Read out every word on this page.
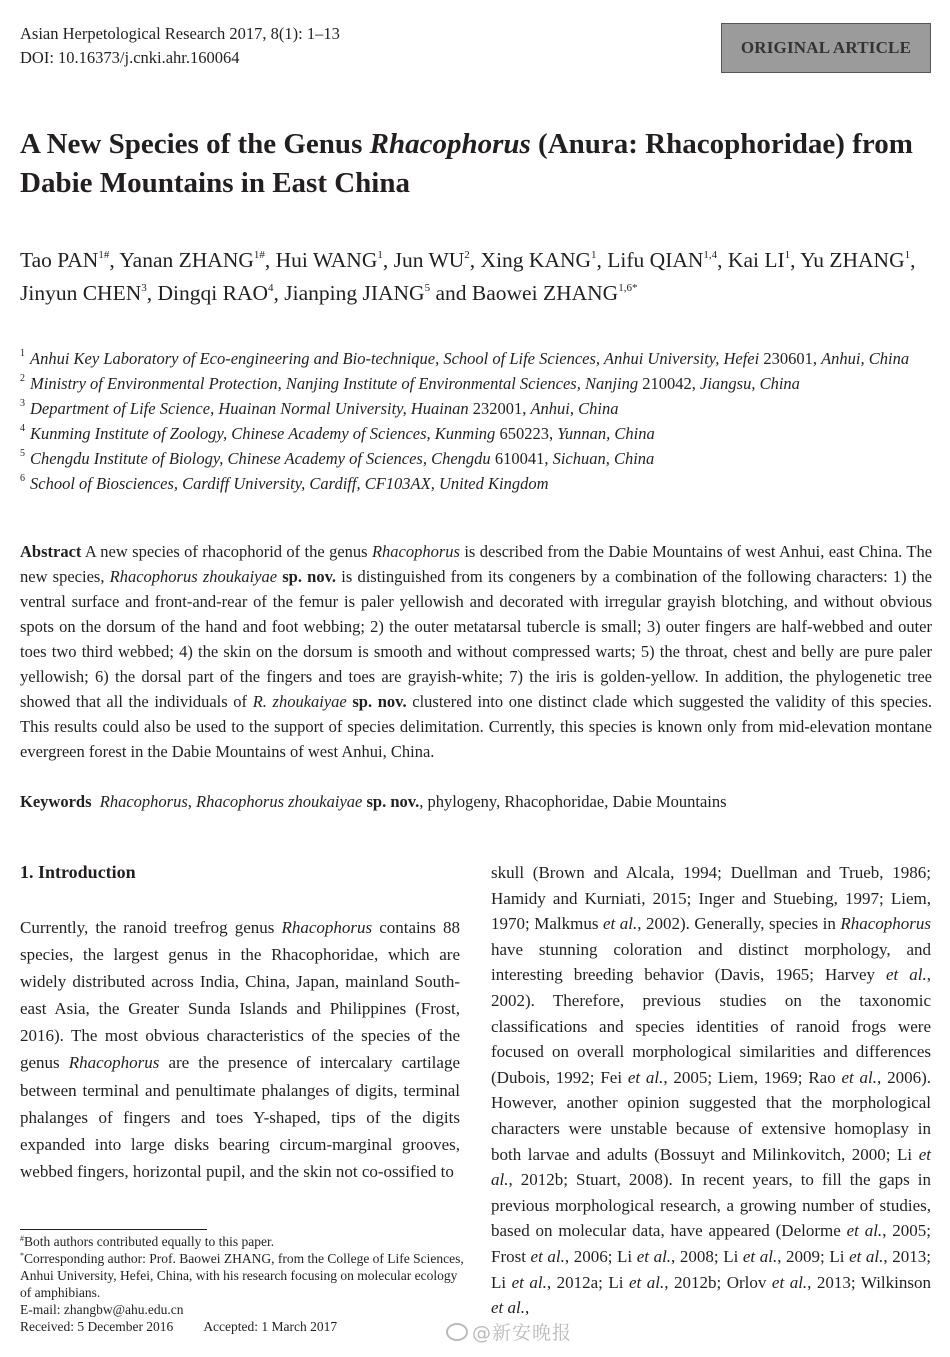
Asian Herpetological Research 2017, 8(1): 1–13
DOI: 10.16373/j.cnki.ahr.160064
ORIGINAL ARTICLE
A New Species of the Genus Rhacophorus (Anura: Rhacophoridae) from Dabie Mountains in East China
Tao $PAN^{1\#}$, Yanan $ZHANG^{1\#}$, Hui WANG$^1$, Jun $WU^2$, Xing KANG$^1$, Lifu QIAN$^{1,4}$, Kai $LI^1$, Yu ZHANG$^1$, Jinyun CHEN$^3$, Dingqi RAO$^4$, Jianping JIANG$^5$ and Baowei $ZHANG^{1,6*}$
1 Anhui Key Laboratory of Eco-engineering and Bio-technique, School of Life Sciences, Anhui University, Hefei 230601, Anhui, China
2 Ministry of Environmental Protection, Nanjing Institute of Environmental Sciences, Nanjing 210042, Jiangsu, China
3 Department of Life Science, Huainan Normal University, Huainan 232001, Anhui, China
4 Kunming Institute of Zoology, Chinese Academy of Sciences, Kunming 650223, Yunnan, China
5 Chengdu Institute of Biology, Chinese Academy of Sciences, Chengdu 610041, Sichuan, China
6 School of Biosciences, Cardiff University, Cardiff, CF103AX, United Kingdom
Abstract A new species of rhacophorid of the genus Rhacophorus is described from the Dabie Mountains of west Anhui, east China. The new species, Rhacophorus zhoukaiyae sp. nov. is distinguished from its congeners by a combination of the following characters: 1) the ventral surface and front-and-rear of the femur is paler yellowish and decorated with irregular grayish blotching, and without obvious spots on the dorsum of the hand and foot webbing; 2) the outer metatarsal tubercle is small; 3) outer fingers are half-webbed and outer toes two third webbed; 4) the skin on the dorsum is smooth and without compressed warts; 5) the throat, chest and belly are pure paler yellowish; 6) the dorsal part of the fingers and toes are grayish-white; 7) the iris is golden-yellow. In addition, the phylogenetic tree showed that all the individuals of R. zhoukaiyae sp. nov. clustered into one distinct clade which suggested the validity of this species. This results could also be used to the support of species delimitation. Currently, this species is known only from mid-elevation montane evergreen forest in the Dabie Mountains of west Anhui, China.
Keywords Rhacophorus, Rhacophorus zhoukaiyae sp. nov., phylogeny, Rhacophoridae, Dabie Mountains
1. Introduction
Currently, the ranoid treefrog genus Rhacophorus contains 88 species, the largest genus in the Rhacophoridae, which are widely distributed across India, China, Japan, mainland South-east Asia, the Greater Sunda Islands and Philippines (Frost, 2016). The most obvious characteristics of the species of the genus Rhacophorus are the presence of intercalary cartilage between terminal and penultimate phalanges of digits, terminal phalanges of fingers and toes Y-shaped, tips of the digits expanded into large disks bearing circum-marginal grooves, webbed fingers, horizontal pupil, and the skin not co-ossified to
skull (Brown and Alcala, 1994; Duellman and Trueb, 1986; Hamidy and Kurniati, 2015; Inger and Stuebing, 1997; Liem, 1970; Malkmus et al., 2002). Generally, species in Rhacophorus have stunning coloration and distinct morphology, and interesting breeding behavior (Davis, 1965; Harvey et al., 2002). Therefore, previous studies on the taxonomic classifications and species identities of ranoid frogs were focused on overall morphological similarities and differences (Dubois, 1992; Fei et al., 2005; Liem, 1969; Rao et al., 2006). However, another opinion suggested that the morphological characters were unstable because of extensive homoplasy in both larvae and adults (Bossuyt and Milinkovitch, 2000; Li et al., 2012b; Stuart, 2008). In recent years, to fill the gaps in previous morphological research, a growing number of studies, based on molecular data, have appeared (Delorme et al., 2005; Frost et al., 2006; Li et al., 2008; Li et al., 2009; Li et al., 2013; Li et al., 2012a; Li et al., 2012b; Orlov et al., 2013; Wilkinson et al.,
#Both authors contributed equally to this paper.
*Corresponding author: Prof. Baowei ZHANG, from the College of Life Sciences, Anhui University, Hefei, China, with his research focusing on molecular ecology of amphibians.
E-mail: zhangbw@ahu.edu.cn
Received: 5 December 2016 Accepted: 1 March 2017	@新安晚报
